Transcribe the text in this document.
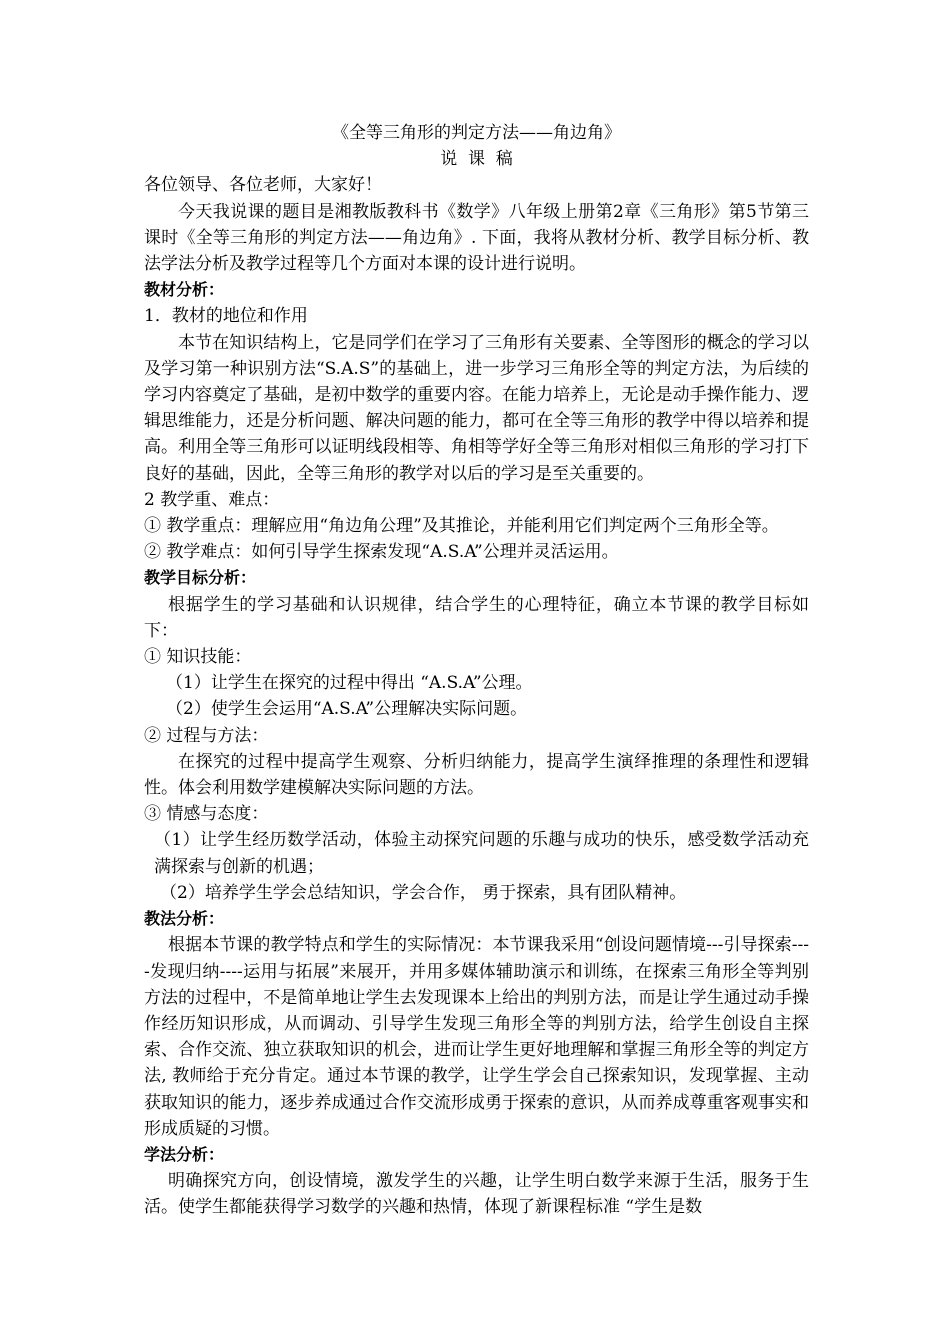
《全等三角形的判定方法——角边角》

说  课  稿

各位领导、各位老师，大家好！

今天我说课的题目是湘教版教科书《数学》八年级上册第2章《三角形》第5节第三课时《全等三角形的判定方法——角边角》. 下面，我将从教材分析、教学目标分析、教法学法分析及教学过程等几个方面对本课的设计进行说明。

教材分析：

1．教材的地位和作用

本节在知识结构上，它是同学们在学习了三角形有关要素、全等图形的概念的学习以及学习第一种识别方法“S.A.S”的基础上，进一步学习三角形全等的判定方法，为后续的学习内容奠定了基础，是初中数学的重要内容。在能力培养上，无论是动手操作能力、逻辑思维能力，还是分析问题、解决问题的能力，都可在全等三角形的教学中得以培养和提高。利用全等三角形可以证明线段相等、角相等学好全等三角形对相似三角形的学习打下良好的基础，因此，全等三角形的教学对以后的学习是至关重要的。

2 教学重、难点：

① 教学重点：理解应用“角边角公理”及其推论，并能利用它们判定两个三角形全等。

② 教学难点：如何引导学生探索发现“A.S.A”公理并灵活运用。

教学目标分析：

根据学生的学习基础和认识规律，结合学生的心理特征，确立本节课的教学目标如下：

① 知识技能：

（1）让学生在探究的过程中得出 “A.S.A”公理。

（2）使学生会运用“A.S.A”公理解决实际问题。

② 过程与方法：

在探究的过程中提高学生观察、分析归纳能力，提高学生演绎推理的条理性和逻辑性。体会利用数学建模解决实际问题的方法。

③ 情感与态度：

（1）让学生经历数学活动，体验主动探究问题的乐趣与成功的快乐，感受数学活动充满探索与创新的机遇；

（2）培养学生学会总结知识，学会合作， 勇于探索，具有团队精神。

教法分析：

根据本节课的教学特点和学生的实际情况：本节课我采用“创设问题情境---引导探索----发现归纳----运用与拓展”来展开，并用多媒体辅助演示和训练，在探索三角形全等判别方法的过程中，不是简单地让学生去发现课本上给出的判别方法，而是让学生通过动手操作经历知识形成，从而调动、引导学生发现三角形全等的判别方法，给学生创设自主探索、合作交流、独立获取知识的机会，进而让学生更好地理解和掌握三角形全等的判定方法, 教师给于充分肯定。通过本节课的教学，让学生学会自己探索知识，发现掌握、主动获取知识的能力，逐步养成通过合作交流形成勇于探索的意识，从而养成尊重客观事实和形成质疑的习惯。

学法分析：

明确探究方向，创设情境，激发学生的兴趣，让学生明白数学来源于生活，服务于生活。使学生都能获得学习数学的兴趣和热情，体现了新课程标准 “学生是数
